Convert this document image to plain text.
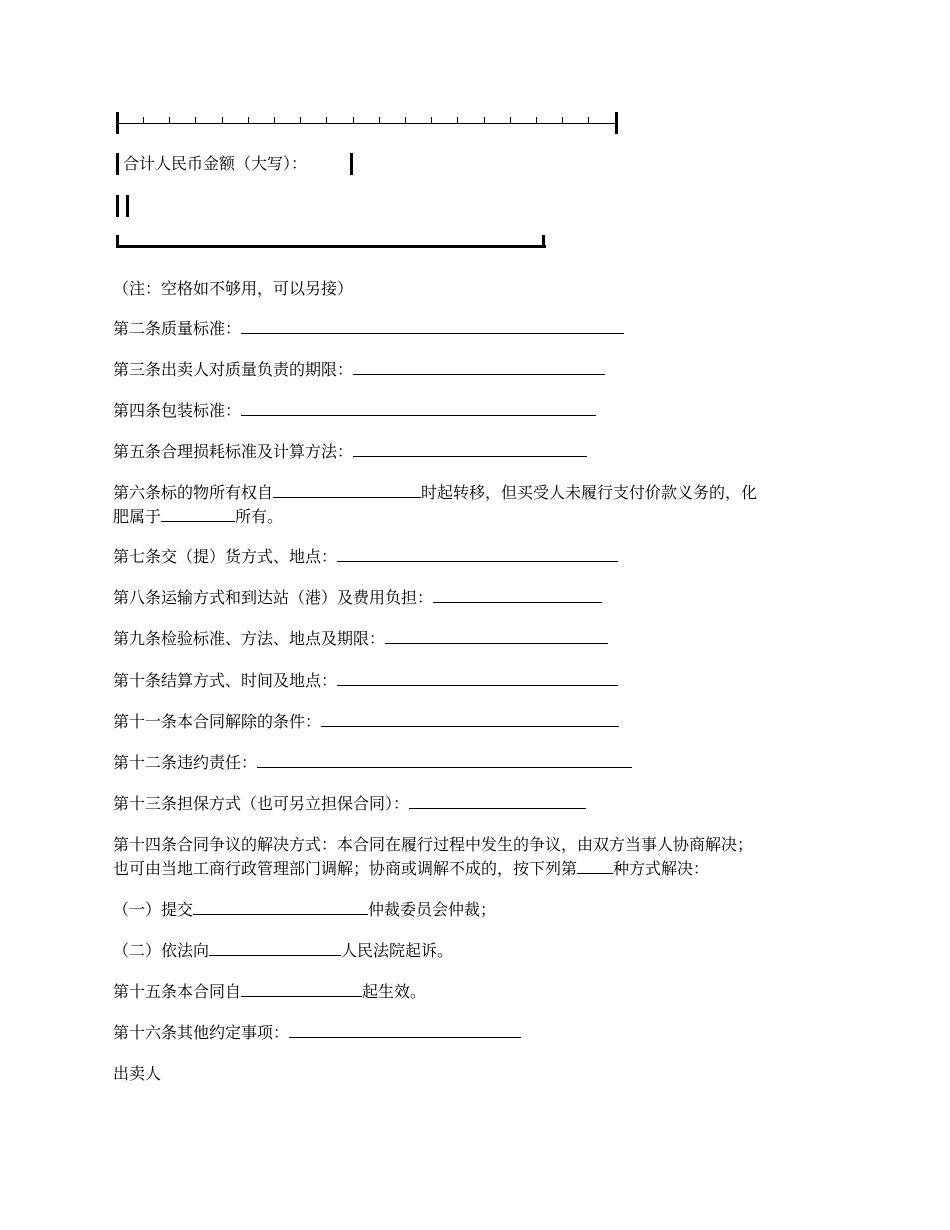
合计人民币金额（大写）：
（注：空格如不够用，可以另接）
第二条质量标准：
第三条出卖人对质量负责的期限：
第四条包装标准：
第五条合理损耗标准及计算方法：
第六条标的物所有权自	时起转移，但买受人未履行支付价款义务的，化
肥属于	所有。
第七条交（提）货方式、地点：
第八条运输方式和到达站（港）及费用负担：
第九条检验标准、方法、地点及期限：
第十条结算方式、时间及地点：
第十一条本合同解除的条件：
第十二条违约责任：
第十三条担保方式（也可另立担保合同）：
第十四条合同争议的解决方式：本合同在履行过程中发生的争议，由双方当事人协商解决；
也可由当地工商行政管理部门调解；协商或调解不成的，按下列第 种方式解决：
（一）提交	仲裁委员会仲裁；
（二）依法向	人民法院起诉。
第十五条本合同自	起生效。
第十六条其他约定事项：
出卖人
